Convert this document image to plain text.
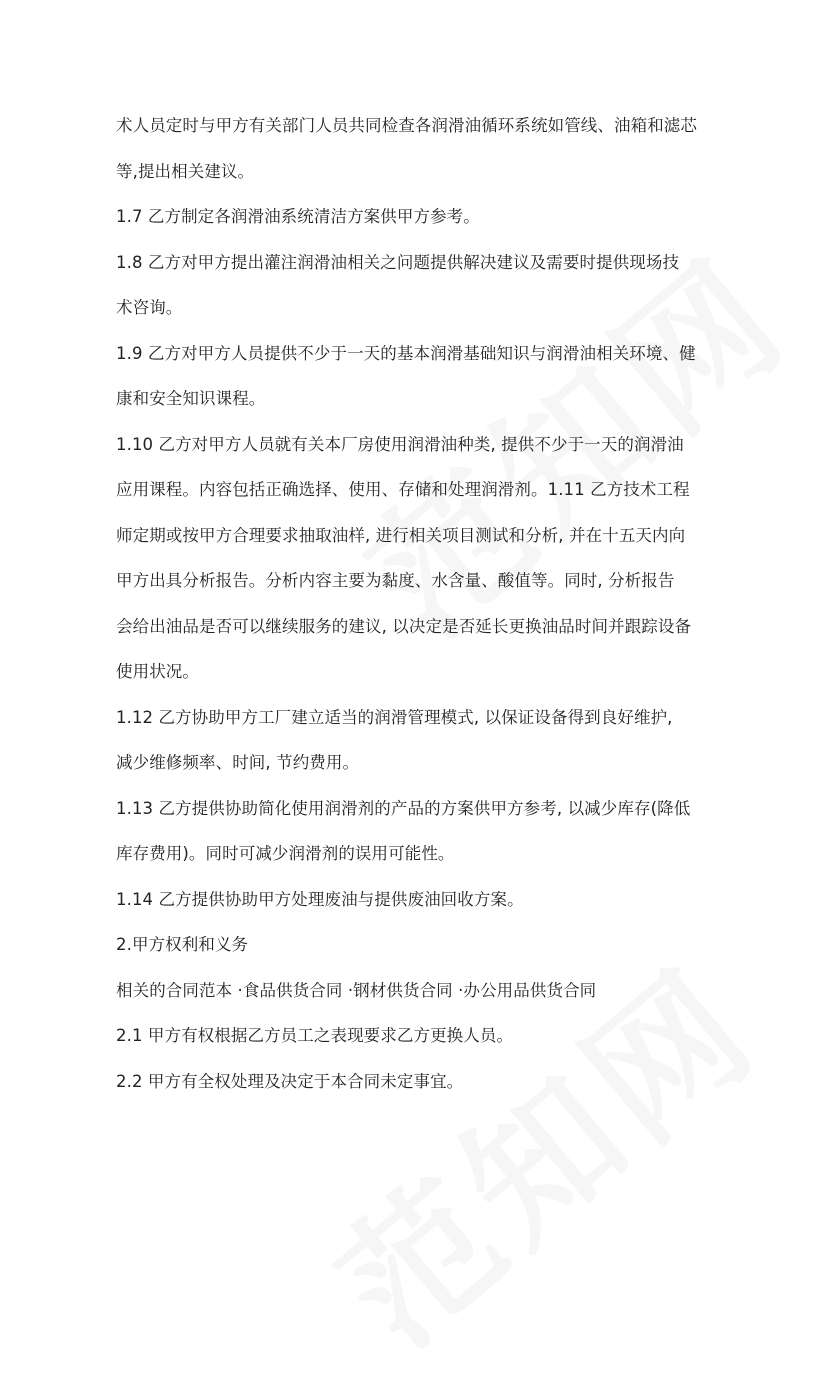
术人员定时与甲方有关部门人员共同检查各润滑油循环系统如管线、油箱和滤芯
等,提出相关建议。
1.7 乙方制定各润滑油系统清洁方案供甲方参考。
1.8 乙方对甲方提出灌注润滑油相关之问题提供解决建议及需要时提供现场技
术咨询。
1.9 乙方对甲方人员提供不少于一天的基本润滑基础知识与润滑油相关环境、健
康和安全知识课程。
1.10 乙方对甲方人员就有关本厂房使用润滑油种类, 提供不少于一天的润滑油
应用课程。内容包括正确选择、使用、存储和处理润滑剂。1.11 乙方技术工程
师定期或按甲方合理要求抽取油样, 进行相关项目测试和分析, 并在十五天内向
甲方出具分析报告。分析内容主要为黏度、水含量、酸值等。同时, 分析报告
会给出油品是否可以继续服务的建议, 以决定是否延长更换油品时间并跟踪设备
使用状况。
1.12 乙方协助甲方工厂建立适当的润滑管理模式, 以保证设备得到良好维护,
减少维修频率、时间, 节约费用。
1.13 乙方提供协助简化使用润滑剂的产品的方案供甲方参考, 以减少库存(降低
库存费用)。同时可减少润滑剂的误用可能性。
1.14 乙方提供协助甲方处理废油与提供废油回收方案。
2.甲方权利和义务
相关的合同范本 ·食品供货合同 ·钢材供货合同 ·办公用品供货合同
2.1 甲方有权根据乙方员工之表现要求乙方更换人员。
2.2 甲方有全权处理及决定于本合同未定事宜。
